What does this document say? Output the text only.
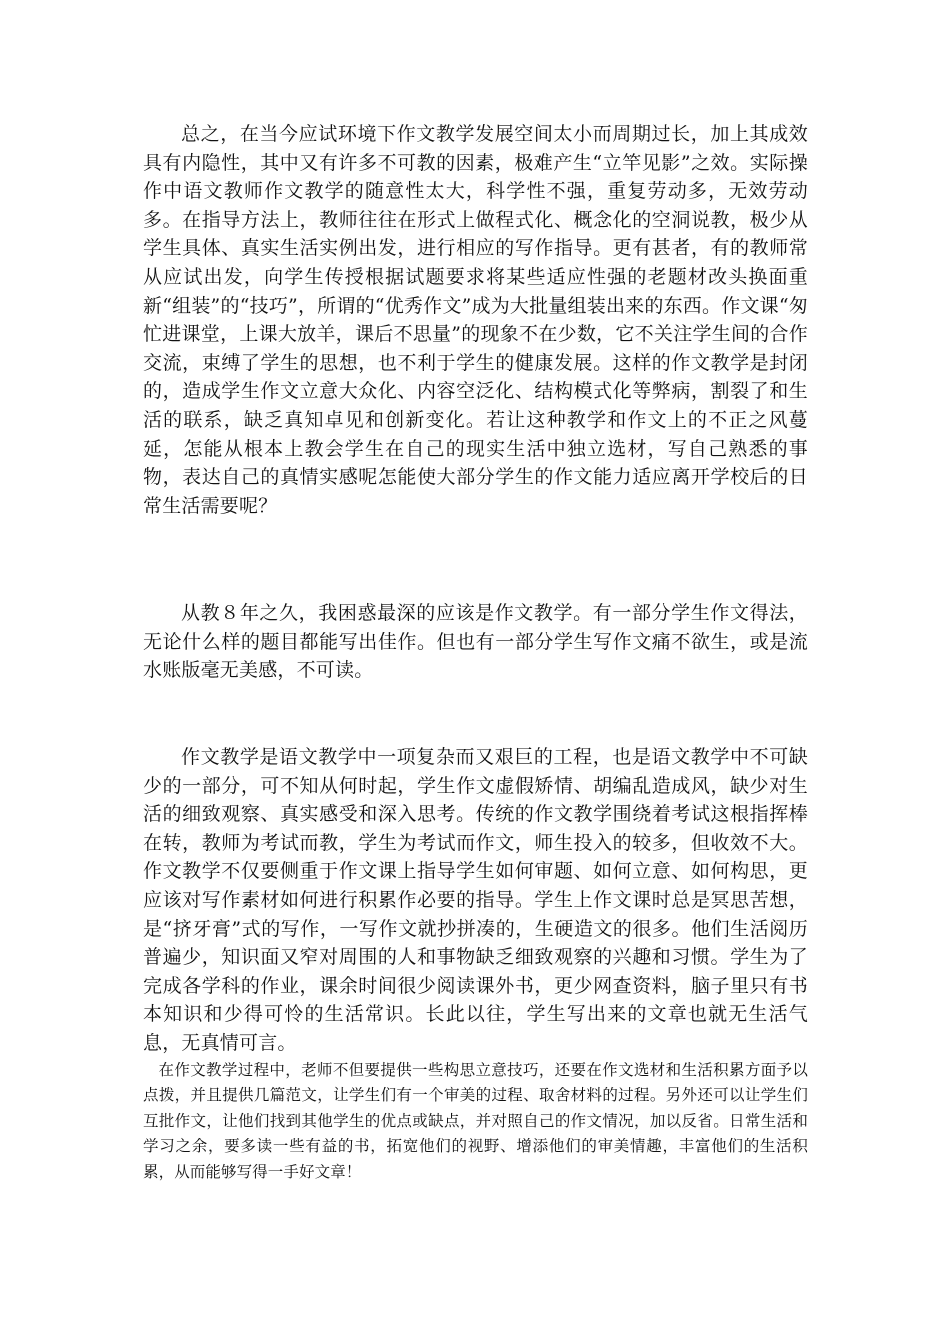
总之，在当今应试环境下作文教学发展空间太小而周期过长，加上其成效具有内隐性，其中又有许多不可教的因素，极难产生“立竿见影”之效。实际操作中语文教师作文教学的随意性太大，科学性不强，重复劳动多，无效劳动多。在指导方法上，教师往往在形式上做程式化、概念化的空洞说教，极少从学生具体、真实生活实例出发，进行相应的写作指导。更有甚者，有的教师常从应试出发，向学生传授根据试题要求将某些适应性强的老题材改头换面重新“组装”的“技巧”，所谓的“优秀作文”成为大批量组装出来的东西。作文课“匆忙进课堂，上课大放羊，课后不思量”的现象不在少数，它不关注学生间的合作交流，束缚了学生的思想，也不利于学生的健康发展。这样的作文教学是封闭的，造成学生作文立意大众化、内容空泛化、结构模式化等弊病，割裂了和生活的联系，缺乏真知卓见和创新变化。若让这种教学和作文上的不正之风蔓延，怎能从根本上教会学生在自己的现实生活中独立选材，写自己熟悉的事物，表达自己的真情实感呢怎能使大部分学生的作文能力适应离开学校后的日常生活需要呢？

从教８年之久，我困惑最深的应该是作文教学。有一部分学生作文得法，无论什么样的题目都能写出佳作。但也有一部分学生写作文痛不欲生，或是流水账版毫无美感，不可读。

作文教学是语文教学中一项复杂而又艰巨的工程，也是语文教学中不可缺少的一部分，可不知从何时起，学生作文虚假矫情、胡编乱造成风，缺少对生活的细致观察、真实感受和深入思考。传统的作文教学围绕着考试这根指挥棒在转，教师为考试而教，学生为考试而作文，师生投入的较多，但收效不大。作文教学不仅要侧重于作文课上指导学生如何审题、如何立意、如何构思，更应该对写作素材如何进行积累作必要的指导。学生上作文课时总是冥思苦想，是“挤牙膏”式的写作，一写作文就抄拼凑的，生硬造文的很多。他们生活阅历普遍少，知识面又窄对周围的人和事物缺乏细致观察的兴趣和习惯。学生为了完成各学科的作业，课余时间很少阅读课外书，更少网查资料，脑子里只有书本知识和少得可怜的生活常识。长此以往，学生写出来的文章也就无生活气息，无真情可言。

在作文教学过程中，老师不但要提供一些构思立意技巧，还要在作文选材和生活积累方面予以点拨，并且提供几篇范文，让学生们有一个审美的过程、取舍材料的过程。另外还可以让学生们互批作文，让他们找到其他学生的优点或缺点，并对照自己的作文情况，加以反省。日常生活和学习之余，要多读一些有益的书，拓宽他们的视野、增添他们的审美情趣，丰富他们的生活积累，从而能够写得一手好文章！
